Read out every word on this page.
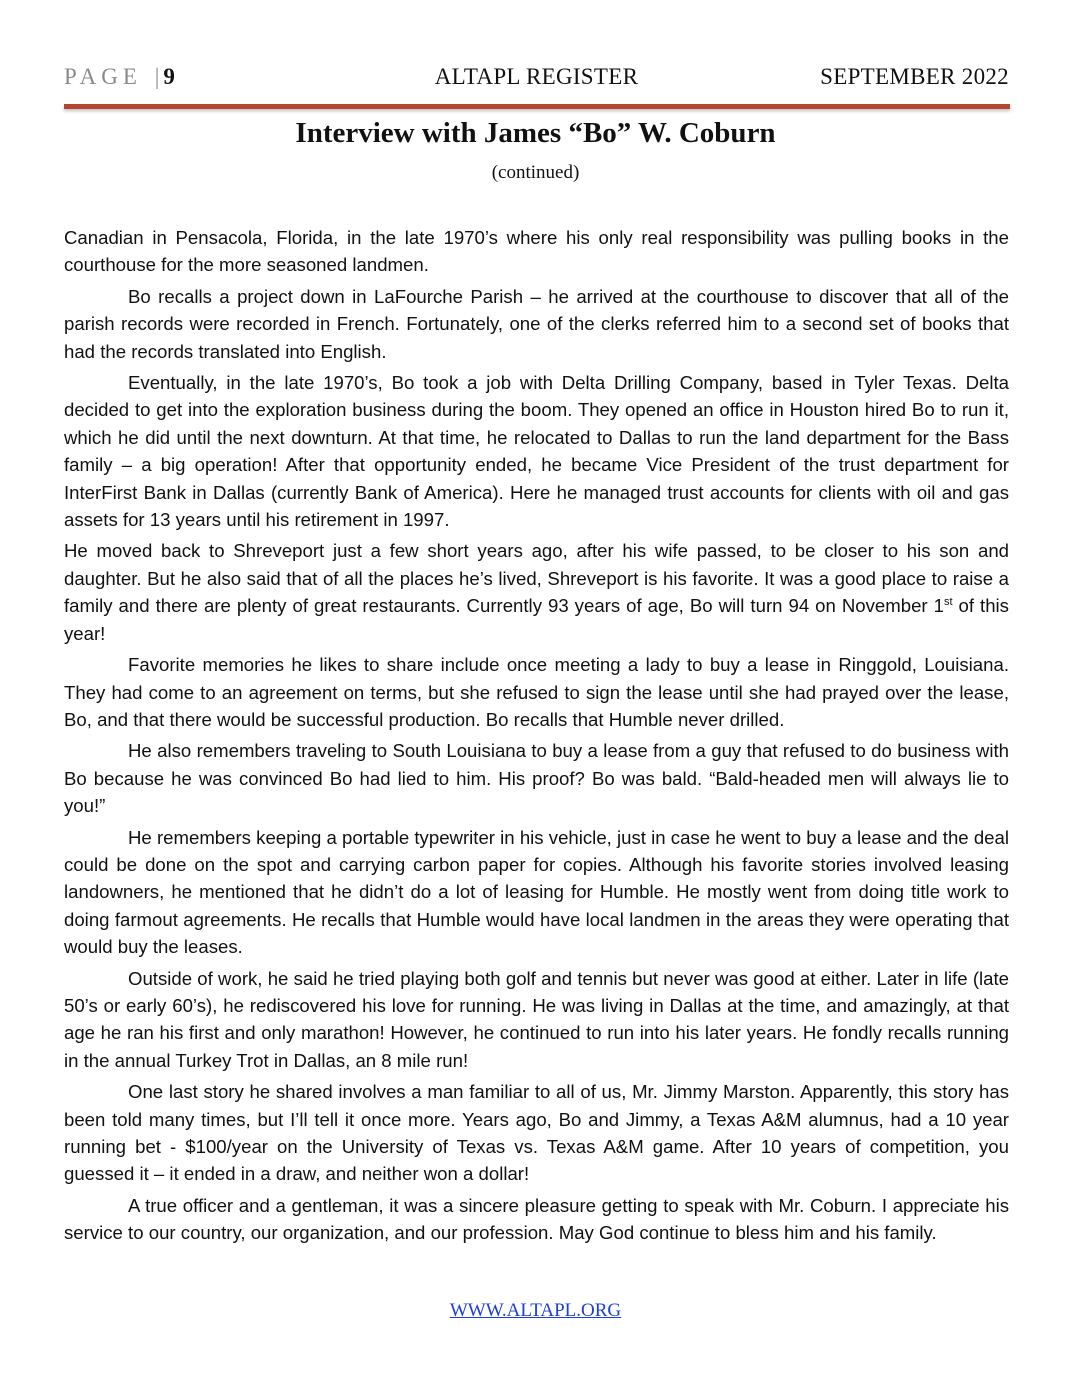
PAGE | 9	ALTAPL REGISTER	SEPTEMBER 2022
Interview with James “Bo” W. Coburn
(continued)

Canadian in Pensacola, Florida, in the late 1970’s where his only real responsibility was pulling books in the courthouse for the more seasoned landmen.

Bo recalls a project down in LaFourche Parish – he arrived at the courthouse to discover that all of the parish records were recorded in French. Fortunately, one of the clerks referred him to a second set of books that had the records translated into English.

Eventually, in the late 1970’s, Bo took a job with Delta Drilling Company, based in Tyler Texas. Delta decided to get into the exploration business during the boom. They opened an office in Houston hired Bo to run it, which he did until the next downturn. At that time, he relocated to Dallas to run the land department for the Bass family – a big operation! After that opportunity ended, he became Vice President of the trust department for InterFirst Bank in Dallas (currently Bank of America). Here he managed trust accounts for clients with oil and gas assets for 13 years until his retirement in 1997.

He moved back to Shreveport just a few short years ago, after his wife passed, to be closer to his son and daughter. But he also said that of all the places he’s lived, Shreveport is his favorite. It was a good place to raise a family and there are plenty of great restaurants. Currently 93 years of age, Bo will turn 94 on November 1st of this year!

Favorite memories he likes to share include once meeting a lady to buy a lease in Ringgold, Louisiana. They had come to an agreement on terms, but she refused to sign the lease until she had prayed over the lease, Bo, and that there would be successful production. Bo recalls that Humble never drilled.

He also remembers traveling to South Louisiana to buy a lease from a guy that refused to do business with Bo because he was convinced Bo had lied to him. His proof? Bo was bald. “Bald-headed men will always lie to you!”

He remembers keeping a portable typewriter in his vehicle, just in case he went to buy a lease and the deal could be done on the spot and carrying carbon paper for copies. Although his favorite stories involved leasing landowners, he mentioned that he didn’t do a lot of leasing for Humble. He mostly went from doing title work to doing farmout agreements. He recalls that Humble would have local landmen in the areas they were operating that would buy the leases.

Outside of work, he said he tried playing both golf and tennis but never was good at either. Later in life (late 50’s or early 60’s), he rediscovered his love for running. He was living in Dallas at the time, and amazingly, at that age he ran his first and only marathon! However, he continued to run into his later years. He fondly recalls running in the annual Turkey Trot in Dallas, an 8 mile run!

One last story he shared involves a man familiar to all of us, Mr. Jimmy Marston. Apparently, this story has been told many times, but I’ll tell it once more. Years ago, Bo and Jimmy, a Texas A&M alumnus, had a 10 year running bet - $100/year on the University of Texas vs. Texas A&M game. After 10 years of competition, you guessed it – it ended in a draw, and neither won a dollar!

A true officer and a gentleman, it was a sincere pleasure getting to speak with Mr. Coburn. I appreciate his service to our country, our organization, and our profession. May God continue to bless him and his family.

WWW.ALTAPL.ORG
